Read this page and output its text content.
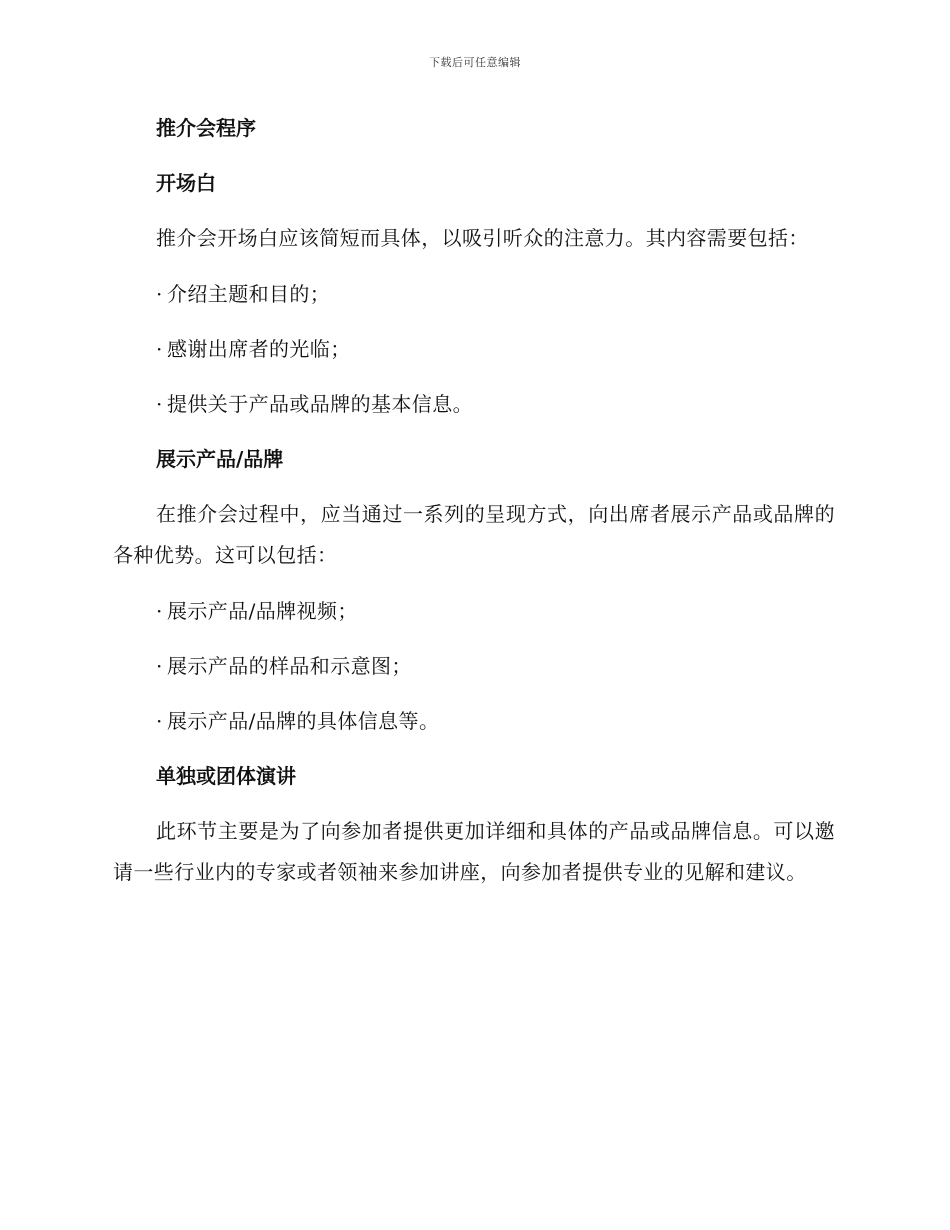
下载后可任意编辑
推介会程序
开场白
推介会开场白应该简短而具体，以吸引听众的注意力。其内容需要包括：
· 介绍主题和目的；
· 感谢出席者的光临；
· 提供关于产品或品牌的基本信息。
展示产品/品牌
在推介会过程中，应当通过一系列的呈现方式，向出席者展示产品或品牌的各种优势。这可以包括：
· 展示产品/品牌视频；
· 展示产品的样品和示意图；
· 展示产品/品牌的具体信息等。
单独或团体演讲
此环节主要是为了向参加者提供更加详细和具体的产品或品牌信息。可以邀请一些行业内的专家或者领袖来参加讲座，向参加者提供专业的见解和建议。
